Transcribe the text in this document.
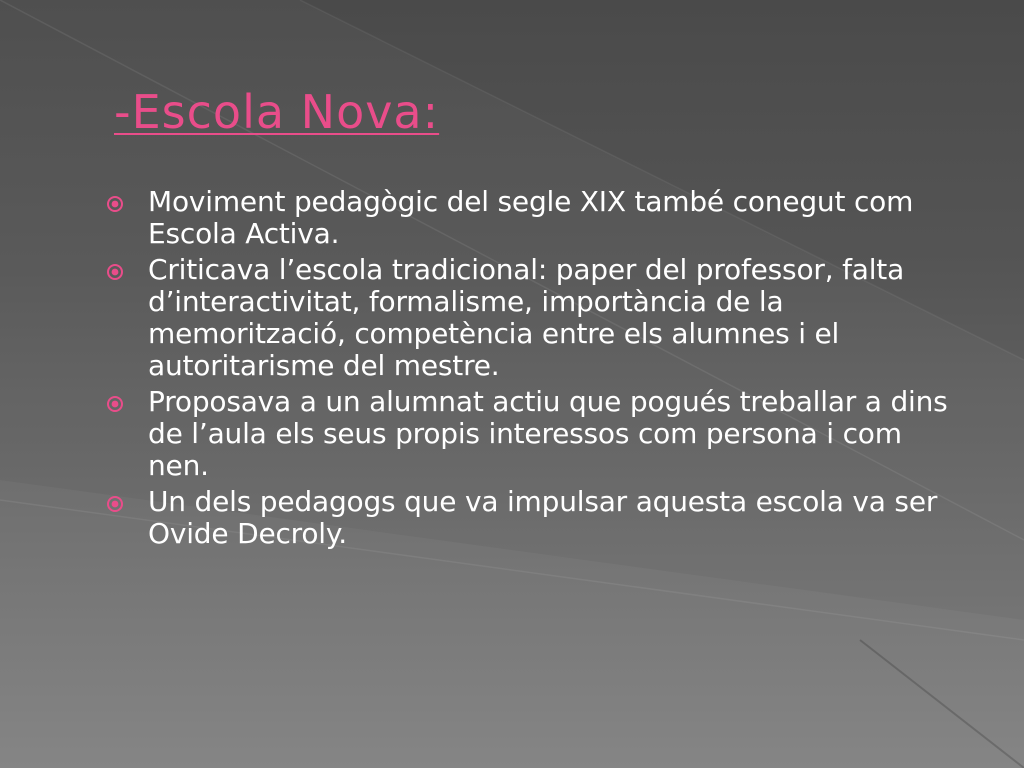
-Escola Nova:
Moviment pedagògic del segle XIX també conegut com Escola Activa.
Criticava l’escola tradicional: paper del professor, falta d’interactivitat, formalisme, importància de la memorització, competència entre els alumnes i el autoritarisme del mestre.
Proposava a un alumnat actiu que pogués treballar a dins de l’aula els seus propis interessos com persona i com nen.
Un dels pedagogs que va impulsar aquesta escola va ser Ovide Decroly.
